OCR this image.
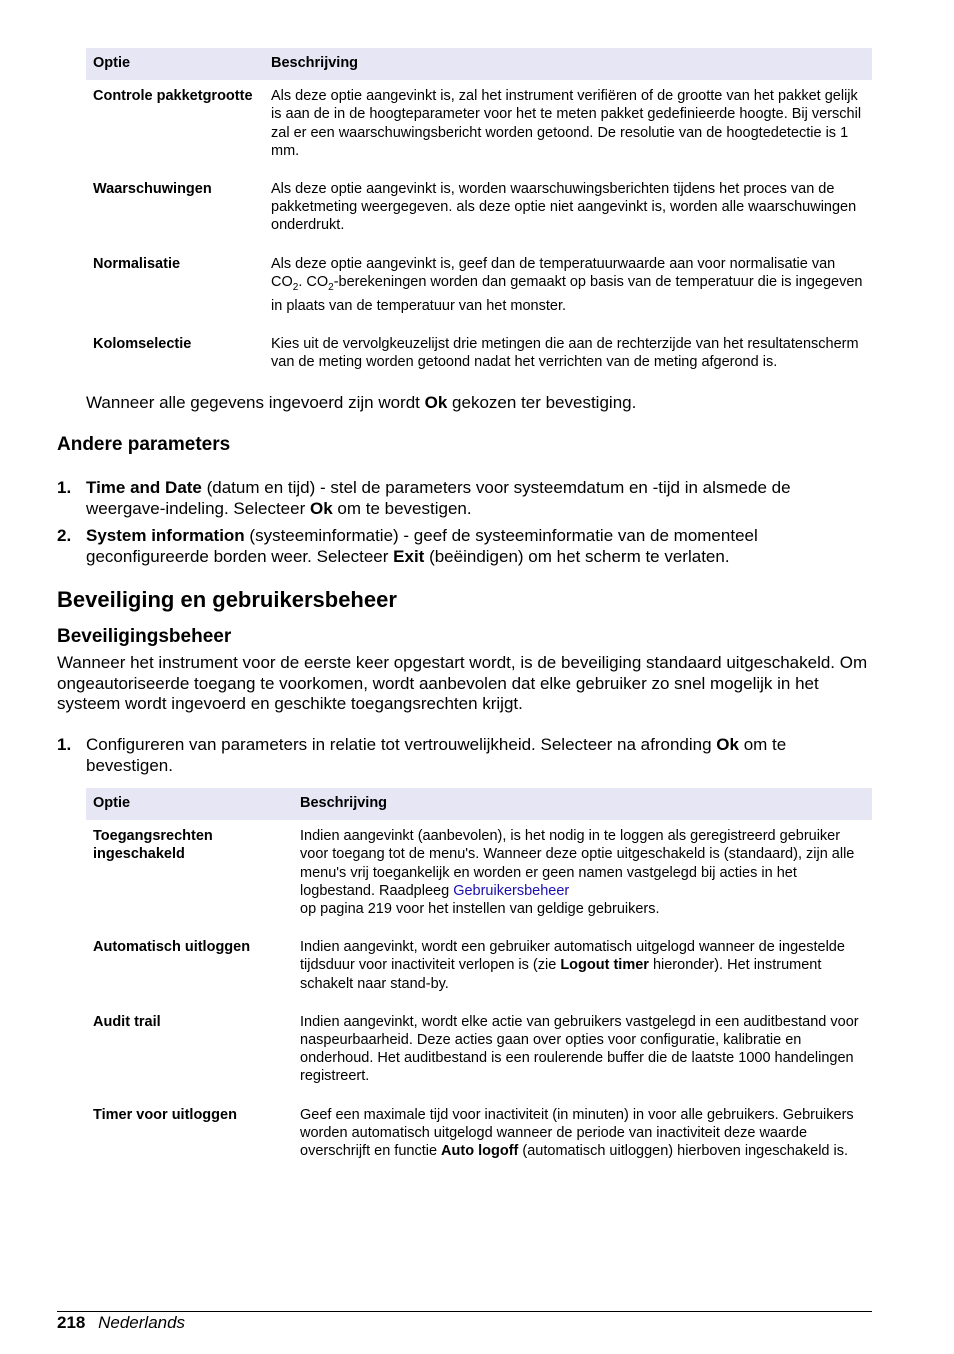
Optie	Beschrijving
Controle pakketgrootte	Als deze optie aangevinkt is, zal het instrument verifiëren of de grootte van het pakket gelijk is aan de in de hoogteparameter voor het te meten pakket gedefinieerde hoogte. Bij verschil zal er een waarschuwingsbericht worden getoond. De resolutie van de hoogtedetectie is 1 mm.
Waarschuwingen	Als deze optie aangevinkt is, worden waarschuwingsberichten tijdens het proces van de pakketmeting weergegeven. als deze optie niet aangevinkt is, worden alle waarschuwingen onderdrukt.
Normalisatie	Als deze optie aangevinkt is, geef dan de temperatuurwaarde aan voor normalisatie van $CO_2$. $CO_2$-berekeningen worden dan gemaakt op basis van de temperatuur die is ingegeven in plaats van de temperatuur van het monster.
Kolomselectie	Kies uit de vervolgkeuzelijst drie metingen die aan de rechterzijde van het resultatenscherm van de meting worden getoond nadat het verrichten van de meting afgerond is.
Wanneer alle gegevens ingevoerd zijn wordt Ok gekozen ter bevestiging.
Andere parameters
1. Time and Date (datum en tijd) - stel de parameters voor systeemdatum en -tijd in alsmede de weergave-indeling. Selecteer Ok om te bevestigen.
2. System information (systeeminformatie) - geef de systeeminformatie van de momenteel geconfigureerde borden weer. Selecteer Exit (beëindigen) om het scherm te verlaten.
Beveiliging en gebruikersbeheer
Beveiligingsbeheer
Wanneer het instrument voor de eerste keer opgestart wordt, is de beveiliging standaard uitgeschakeld. Om ongeautoriseerde toegang te voorkomen, wordt aanbevolen dat elke gebruiker zo snel mogelijk in het systeem wordt ingevoerd en geschikte toegangsrechten krijgt.
1. Configureren van parameters in relatie tot vertrouwelijkheid. Selecteer na afronding Ok om te bevestigen.
Optie	Beschrijving
Toegangsrechten ingeschakeld	Indien aangevinkt (aanbevolen), is het nodig in te loggen als geregistreerd gebruiker voor toegang tot de menu's. Wanneer deze optie uitgeschakeld is (standaard), zijn alle menu's vrij toegankelijk en worden er geen namen vastgelegd bij acties in het logbestand. Raadpleeg Gebruikersbeheer
op pagina 219 voor het instellen van geldige gebruikers.
Automatisch uitloggen	Indien aangevinkt, wordt een gebruiker automatisch uitgelogd wanneer de ingestelde tijdsduur voor inactiviteit verlopen is (zie Logout timer hieronder). Het instrument schakelt naar stand-by.
Audit trail	Indien aangevinkt, wordt elke actie van gebruikers vastgelegd in een auditbestand voor naspeurbaarheid. Deze acties gaan over opties voor configuratie, kalibratie en onderhoud. Het auditbestand is een roulerende buffer die de laatste 1000 handelingen registreert.
Timer voor uitloggen	Geef een maximale tijd voor inactiviteit (in minuten) in voor alle gebruikers. Gebruikers worden automatisch uitgelogd wanneer de periode van inactiviteit deze waarde overschrijft en functie Auto logoff (automatisch uitloggen) hierboven ingeschakeld is.
218 Nederlands
